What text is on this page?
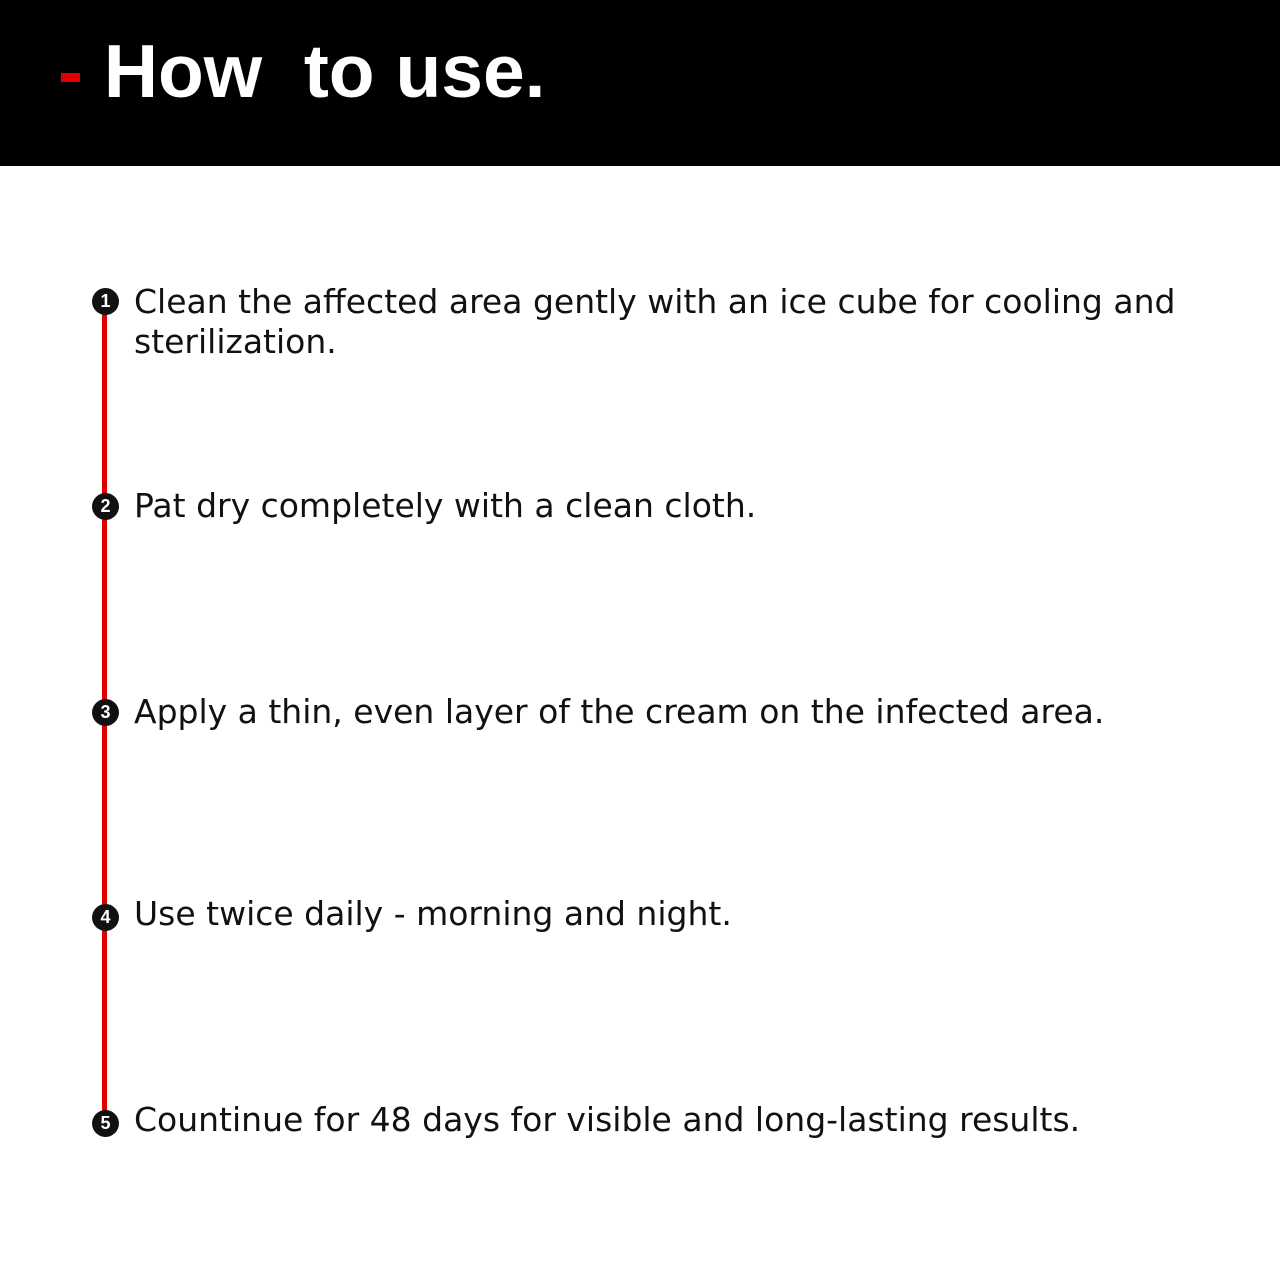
- How  to use.
1 Clean the affected area gently with an ice cube for cooling and sterilization.

2 Pat dry completely with a clean cloth.

3 Apply a thin, even layer of the cream on the infected area.

4 Use twice daily - morning and night.

5 Countinue for 48 days for visible and long-lasting results.
